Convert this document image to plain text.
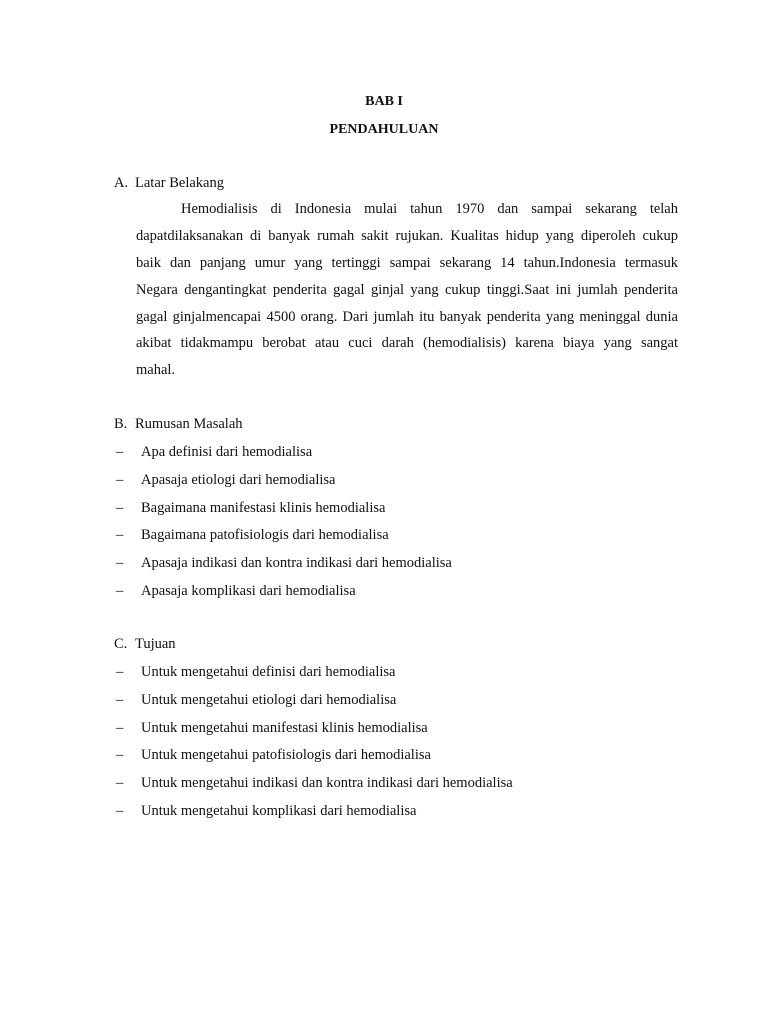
BAB I
PENDAHULUAN
A. Latar Belakang
Hemodialisis di Indonesia mulai tahun 1970 dan sampai sekarang telah
dapatdilaksanakan di banyak rumah sakit rujukan. Kualitas hidup yang diperoleh cukup
baik dan panjang umur yang tertinggi sampai sekarang 14 tahun.Indonesia termasuk
Negara dengantingkat penderita gagal ginjal yang cukup tinggi.Saat ini jumlah penderita
gagal ginjalmencapai 4500 orang. Dari jumlah itu banyak penderita yang meninggal dunia
akibat tidakmampu berobat atau cuci darah (hemodialisis) karena biaya yang sangat
mahal.
B. Rumusan Masalah
– Apa definisi dari hemodialisa
– Apasaja etiologi dari hemodialisa
– Bagaimana manifestasi klinis hemodialisa
– Bagaimana patofisiologis dari hemodialisa
– Apasaja indikasi dan kontra indikasi dari hemodialisa
– Apasaja komplikasi dari hemodialisa
C. Tujuan
– Untuk mengetahui definisi dari hemodialisa
– Untuk mengetahui etiologi dari hemodialisa
– Untuk mengetahui manifestasi klinis hemodialisa
– Untuk mengetahui patofisiologis dari hemodialisa
– Untuk mengetahui indikasi dan kontra indikasi dari hemodialisa
– Untuk mengetahui komplikasi dari hemodialisa
